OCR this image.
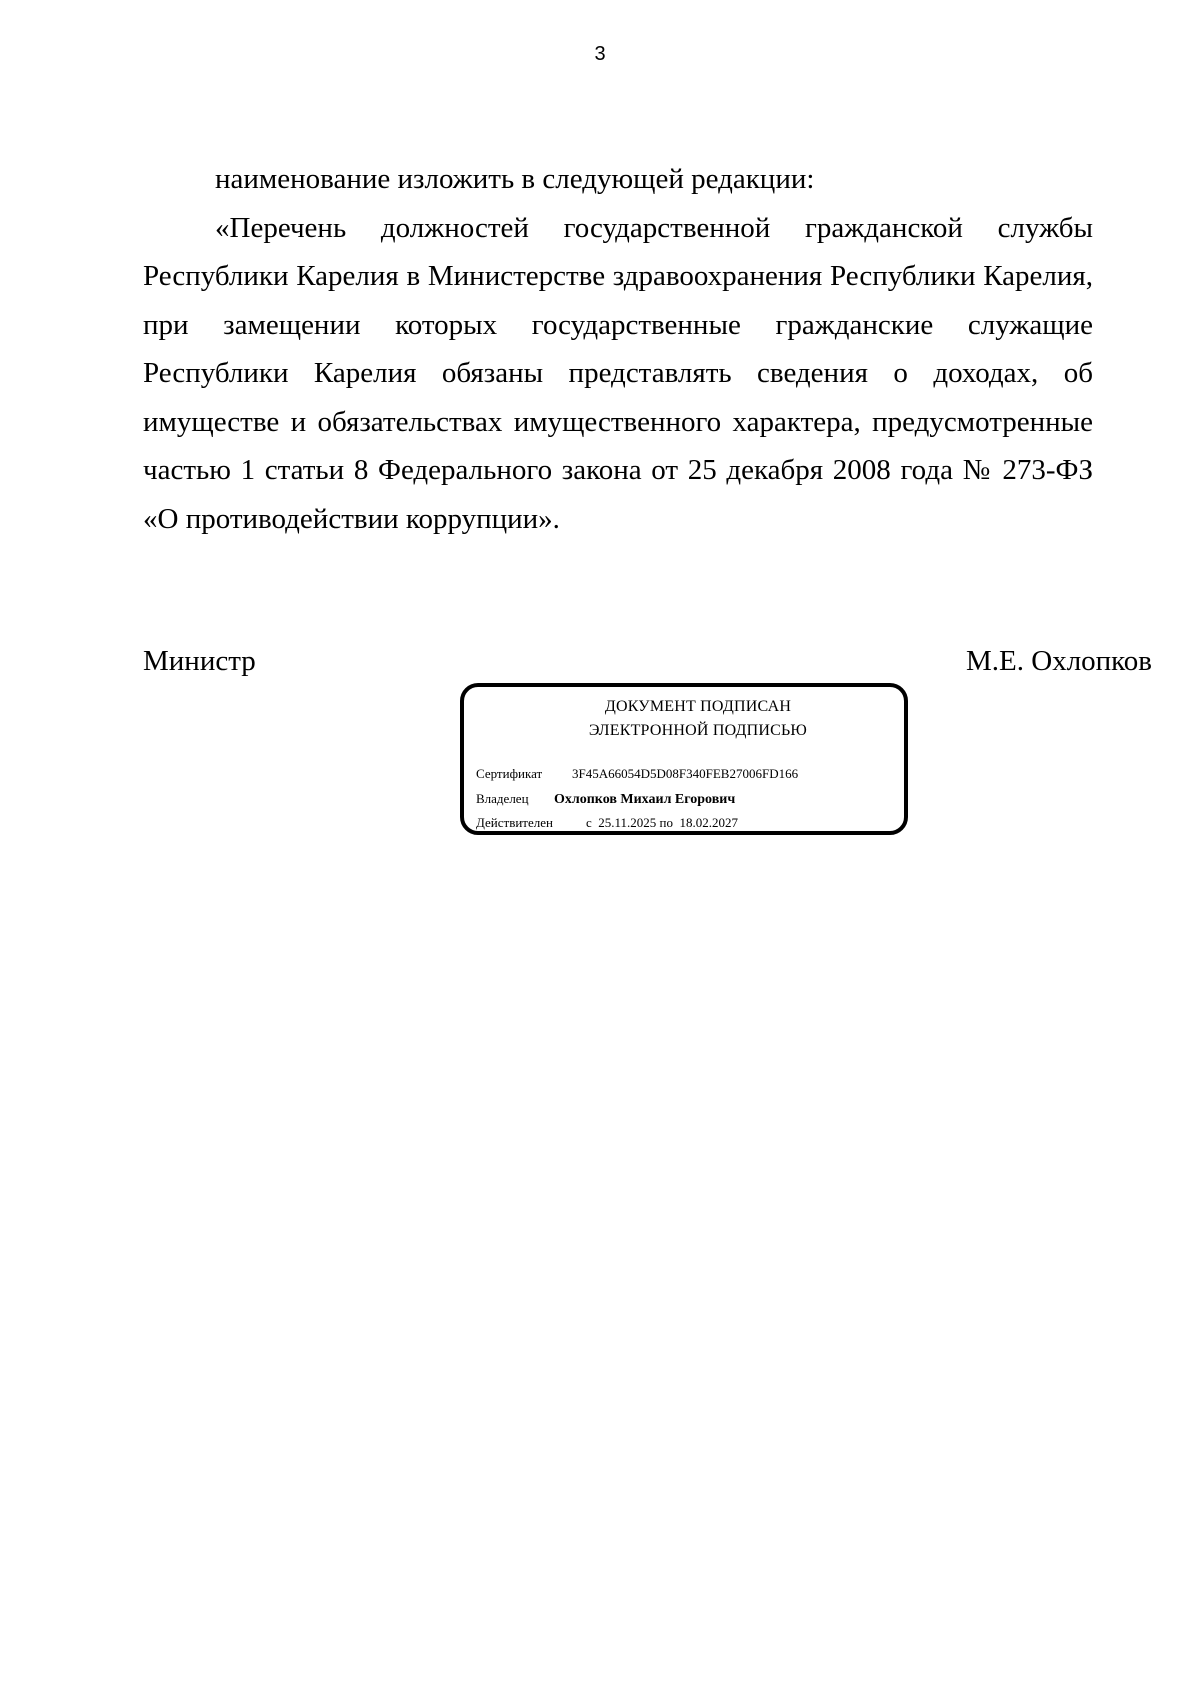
3

наименование изложить в следующей редакции:

«Перечень должностей государственной гражданской службы Республики Карелия в Министерстве здравоохранения Республики Карелия, при замещении которых государственные гражданские служащие Республики Карелия обязаны представлять сведения о доходах, об имуществе и обязательствах имущественного характера, предусмотренные частью 1 статьи 8 Федерального закона от 25 декабря 2008 года № 273-ФЗ «О противодействии коррупции».

Министр	М.Е. Охлопков
ДОКУМЕНТ ПОДПИСАН
ЭЛЕКТРОННОЙ ПОДПИСЬЮ
Сертификат 3F45A66054D5D08F340FEB27006FD166
Владелец Охлопков Михаил Егорович
Действителен	с  25.11.2025 по  18.02.2027
